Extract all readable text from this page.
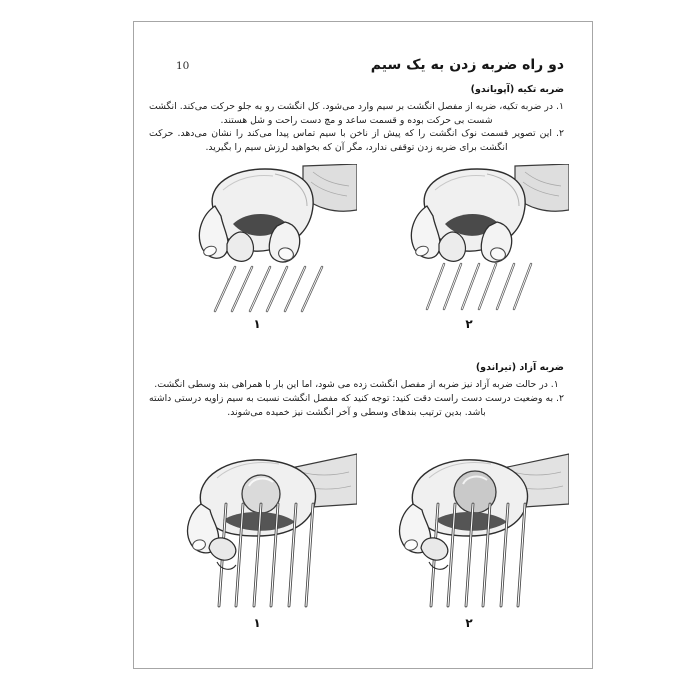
دو راه ضربه زدن به یک سیم
10
ضربه تکیه (آپویاندو)

۱. در ضربه تکیه، ضربه از مفصل انگشت بر سیم وارد می‌شود. کل انگشت رو به جلو حرکت می‌کند. انگشت شست بی حرکت بوده و قسمت ساعد و مچ دست راحت و شل هستند.

۲. این تصویر قسمت نوک انگشت را که پیش از ناخن با سیم تماس پیدا می‌کند را نشان می‌دهد. حرکت انگشت برای ضربه زدن توقفی ندارد، مگر آن که بخواهید لرزش سیم را بگیرید.

۱	۲
ضربه آزاد (تیراندو)

۱. در حالت ضربه آزاد نیز ضربه از مفصل انگشت زده می شود، اما این بار با همراهی بند وسطی انگشت.

۲. به وضعیت درست دست راست دقت کنید: توجه کنید که مفصل انگشت نسبت به سیم زاویه درستی داشته باشد. بدین ترتیب بندهای وسطی و آخر انگشت نیز خمیده می‌شوند.

۱	۲
